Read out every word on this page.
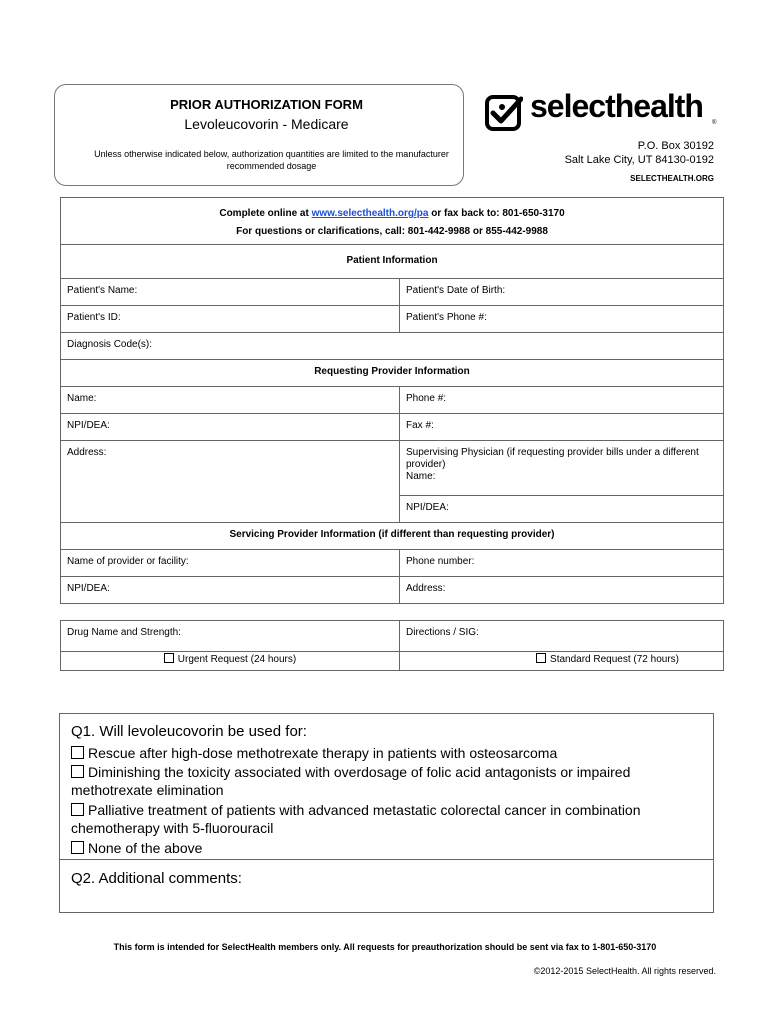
PRIOR AUTHORIZATION FORM
Levoleucovorin - Medicare
Unless otherwise indicated below, authorization quantities are limited to the manufacturer
recommended dosage
selecthealth ®
P.O. Box 30192
Salt Lake City, UT 84130-0192
SELECTHEALTH.ORG
Complete online at www.selecthealth.org/pa or fax back to: 801-650-3170
For questions or clarifications, call: 801-442-9988 or 855-442-9988	

Patient Information	
Patient's Name:	Patient's Date of Birth:
Patient's ID:	Patient's Phone #:
Diagnosis Code(s):	
Requesting Provider Information	
Name:	Phone #:
NPI/DEA:	Fax #:
Address:	Supervising Physician (if requesting provider bills under a different provider)
Name:

	NPI/DEA:
Servicing Provider Information (if different than requesting provider)	
Name of provider or facility:	Phone number:
NPI/DEA:	Address:
Drug Name and Strength:	Directions / SIG:
Urgent Request (24 hours)	Standard Request (72 hours)
Q1. Will levoleucovorin be used for:
Rescue after high-dose methotrexate therapy in patients with osteosarcoma
Diminishing the toxicity associated with overdosage of folic acid antagonists or impaired
methotrexate elimination
Palliative treatment of patients with advanced metastatic colorectal cancer in combination
chemotherapy with 5-fluorouracil
None of the above
Q2. Additional comments:
This form is intended for SelectHealth members only. All requests for preauthorization should be sent via fax to 1-801-650-3170
©2012-2015 SelectHealth. All rights reserved.
